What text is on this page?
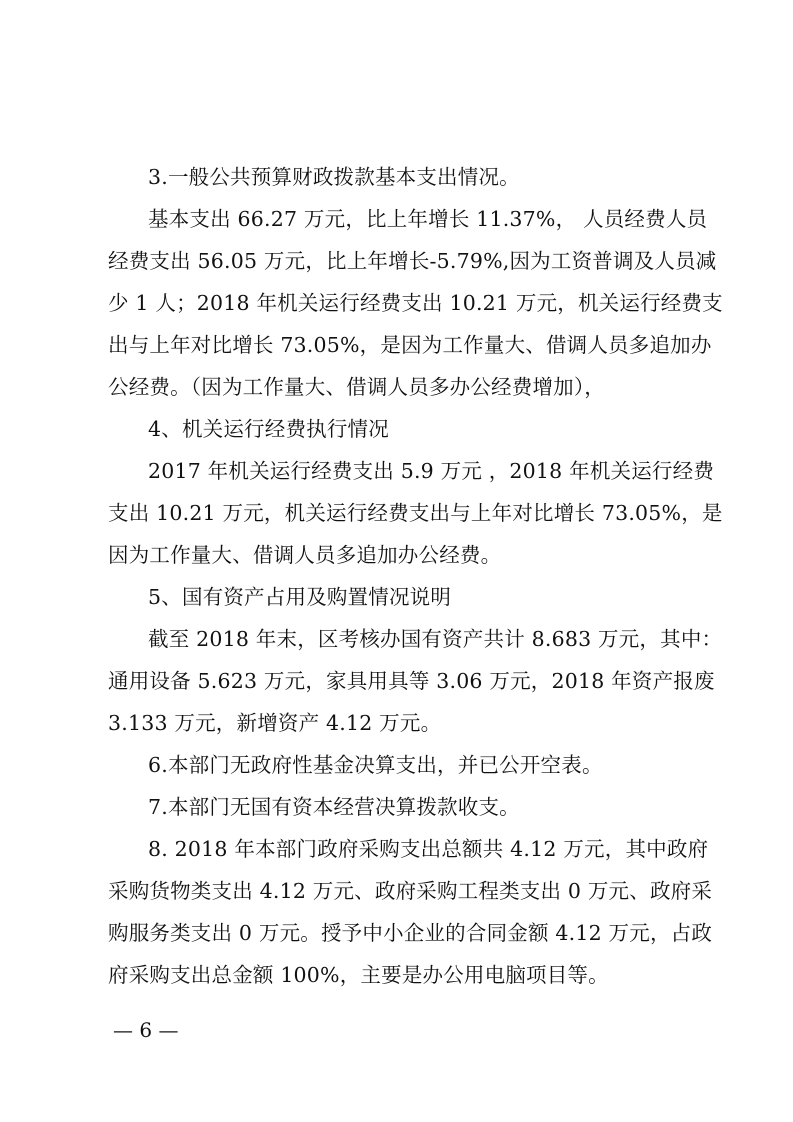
3.一般公共预算财政拨款基本支出情况。
基本支出 66.27 万元，比上年增长 11.37%， 人员经费人员
经费支出 56.05 万元，比上年增长-5.79%,因为工资普调及人员减
少 1 人；2018 年机关运行经费支出 10.21 万元，机关运行经费支
出与上年对比增长 73.05%，是因为工作量大、借调人员多追加办
公经费。（因为工作量大、借调人员多办公经费增加），
4、机关运行经费执行情况
2017 年机关运行经费支出 5.9 万元 ，2018 年机关运行经费
支出 10.21 万元，机关运行经费支出与上年对比增长 73.05%，是
因为工作量大、借调人员多追加办公经费。
5、国有资产占用及购置情况说明
截至 2018 年末，区考核办国有资产共计 8.683 万元，其中：
通用设备 5.623 万元，家具用具等 3.06 万元，2018 年资产报废
3.133 万元，新增资产 4.12 万元。
6.本部门无政府性基金决算支出，并已公开空表。
7.本部门无国有资本经营决算拨款收支。
8. 2018 年本部门政府采购支出总额共 4.12 万元，其中政府
采购货物类支出 4.12 万元、政府采购工程类支出 0 万元、政府采
购服务类支出 0 万元。授予中小企业的合同金额 4.12 万元，占政
府采购支出总金额 100%，主要是办公用电脑项目等。
— 6 —
